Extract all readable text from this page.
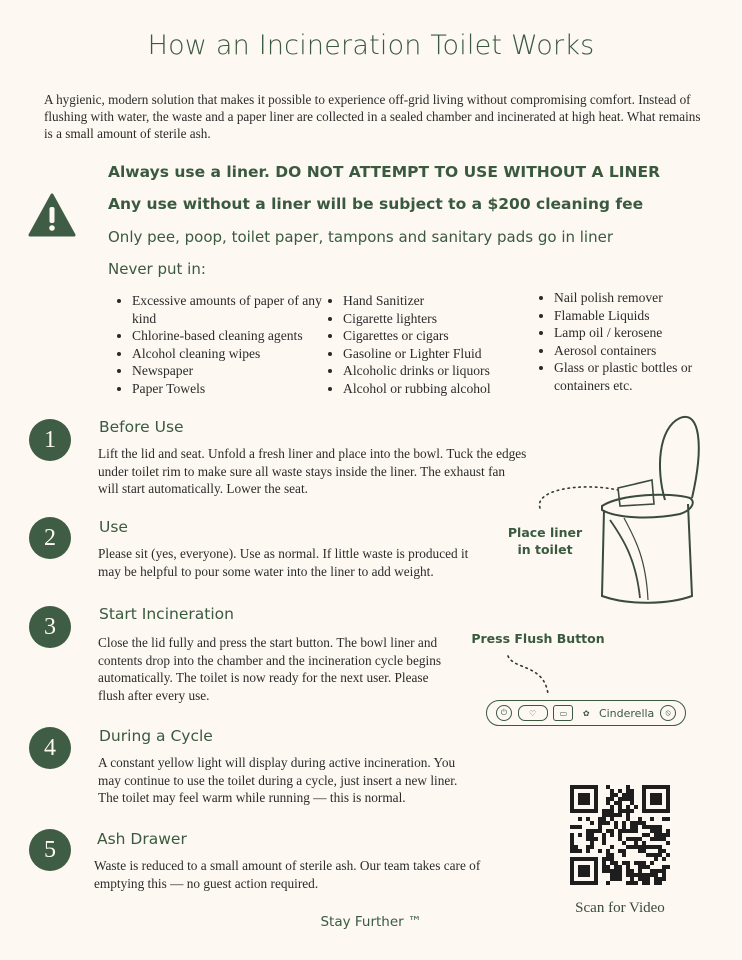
How an Incineration Toilet Works
A hygienic, modern solution that makes it possible to experience off-grid living without compromising comfort. Instead of flushing with water, the waste and a paper liner are collected in a sealed chamber and incinerated at high heat. What remains is a small amount of sterile ash.
Always use a liner. DO NOT ATTEMPT TO USE WITHOUT A LINER
Any use without a liner will be subject to a $200 cleaning fee
Only pee, poop, toilet paper, tampons and sanitary pads go in liner
Never put in:
• Excessive amounts of paper of any kind
• Chlorine-based cleaning agents
• Alcohol cleaning wipes
• Newspaper
• Paper Towels
• Hand Sanitizer
• Cigarette lighters
• Cigarettes or cigars
• Gasoline or Lighter Fluid
• Alcoholic drinks or liquors
• Alcohol or rubbing alcohol
• Nail polish remover
• Flamable Liquids
• Lamp oil / kerosene
• Aerosol containers
• Glass or plastic bottles or containers etc.
1	Before Use
Lift the lid and seat. Unfold a fresh liner and place into the bowl. Tuck the edges under toilet rim to make sure all waste stays inside the liner. The exhaust fan will start automatically. Lower the seat.
2	Use
Please sit (yes, everyone). Use as normal. If little waste is produced it may be helpful to pour some water into the liner to add weight.
3	Start Incineration
Close the lid fully and press the start button. The bowl liner and contents drop into the chamber and the incineration cycle begins automatically. The toilet is now ready for the next user. Please flush after every use.
4	During a Cycle
A constant yellow light will display during active incineration. You may continue to use the toilet during a cycle, just insert a new liner. The toilet may feel warm while running — this is normal.
5	Ash Drawer
Waste is reduced to a small amount of sterile ash. Our team takes care of emptying this — no guest action required.
Place liner
in toilet
Press Flush Button
⏻	♡	▭	✿ Cinderella	⦸
Scan for Video
Stay Further ™
